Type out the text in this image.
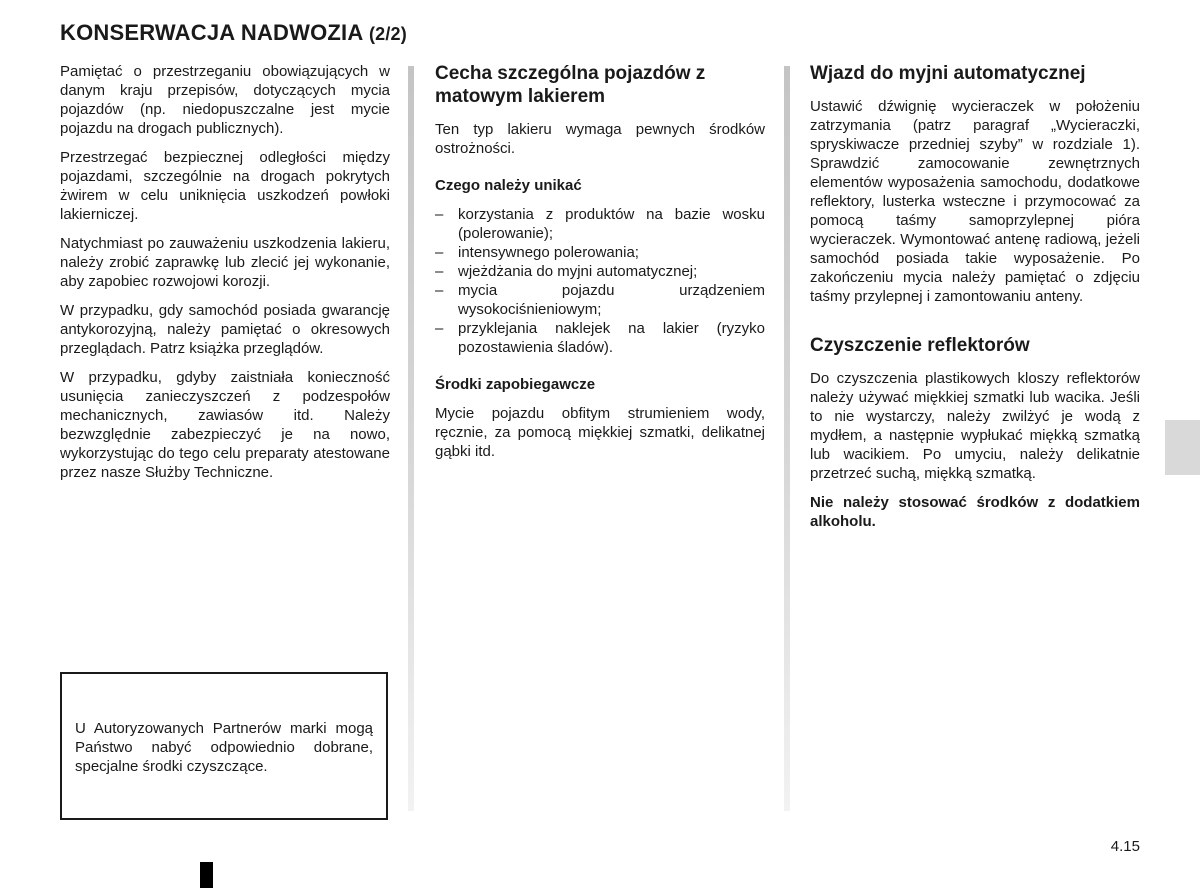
KONSERWACJA NADWOZIA (2/2)

Pamiętać o przestrzeganiu obowiązujących w danym kraju przepisów, dotyczących mycia pojazdów (np. niedopuszczalne jest mycie pojazdu na drogach publicznych).

Przestrzegać bezpiecznej odległości między pojazdami, szczególnie na drogach pokrytych żwirem w celu uniknięcia uszkodzeń powłoki lakierniczej.

Natychmiast po zauważeniu uszkodzenia lakieru, należy zrobić zaprawkę lub zlecić jej wykonanie, aby zapobiec rozwojowi korozji.

W przypadku, gdy samochód posiada gwarancję antykorozyjną, należy pamiętać o okresowych przeglądach. Patrz książka przeglądów.

W przypadku, gdyby zaistniała konieczność usunięcia zanieczyszczeń z podzespołów mechanicznych, zawiasów itd. Należy bezwzględnie zabezpieczyć je na nowo, wykorzystując do tego celu preparaty atestowane przez nasze Służby Techniczne.

U Autoryzowanych Partnerów marki mogą Państwo nabyć odpowiednio dobrane, specjalne środki czyszczące.

Cecha szczególna pojazdów z matowym lakierem

Ten typ lakieru wymaga pewnych środków ostrożności.

Czego należy unikać
– korzystania z produktów na bazie wosku (polerowanie);
– intensywnego polerowania;
– wjeżdżania do myjni automatycznej;
– mycia pojazdu urządzeniem wysokociśnieniowym;
– przyklejania naklejek na lakier (ryzyko pozostawienia śladów).
Środki zapobiegawcze

Mycie pojazdu obfitym strumieniem wody, ręcznie, za pomocą miękkiej szmatki, delikatnej gąbki itd.

Wjazd do myjni automatycznej

Ustawić dźwignię wycieraczek w położeniu zatrzymania (patrz paragraf „Wycieraczki, spryskiwacze przedniej szyby” w rozdziale 1). Sprawdzić zamocowanie zewnętrznych elementów wyposażenia samochodu, dodatkowe reflektory, lusterka wsteczne i przymocować za pomocą taśmy samoprzylepnej pióra wycieraczek. Wymontować antenę radiową, jeżeli samochód posiada takie wyposażenie. Po zakończeniu mycia należy pamiętać o zdjęciu taśmy przylepnej i zamontowaniu anteny.

Czyszczenie reflektorów

Do czyszczenia plastikowych kloszy reflektorów należy używać miękkiej szmatki lub wacika. Jeśli to nie wystarczy, należy zwilżyć je wodą z mydłem, a następnie wypłukać miękką szmatką lub wacikiem. Po umyciu, należy delikatnie przetrzeć suchą, miękką szmatką.

Nie należy stosować środków z dodatkiem alkoholu.

4.15
